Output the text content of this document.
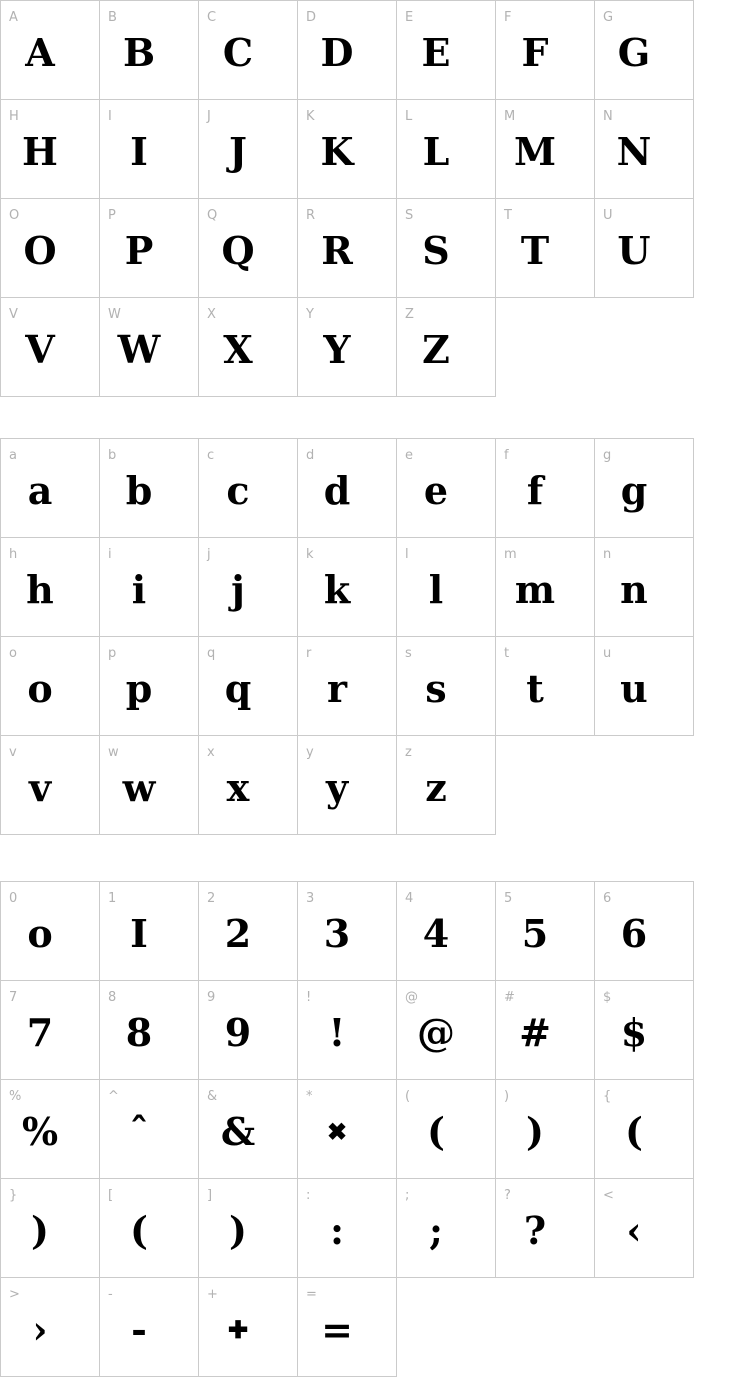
A
A
B
B
C
C
D
D
E
E
F
F
G
G
H
H
I
I
J
J
K
K
L
L
M
M
N
N
O
O
P
P
Q
Q
R
R
S
S
T
T
U
U
V
V
W
W
X
X
Y
Y
Z
Z
a
a
b
b
c
c
d
d
e
e
f
f
g
g
h
h
i
i
j
j
k
k
l
l
m
m
n
n
o
o
p
p
q
q
r
r
s
s
t
t
u
u
v
v
w
w
x
x
y
y
z
z
0
o
1
I
2
2
3
3
4
4
5
5
6
6
7
7
8
8
9
9
!
!
@
@
#
#
$
$
%
%
^
ˆ
&
&
*
✖
(
(
)
)
{
(
}
)
[
(
]
)
:
:
;
;
?
?
<
‹
>
›
-
-
+
✚
=
=
